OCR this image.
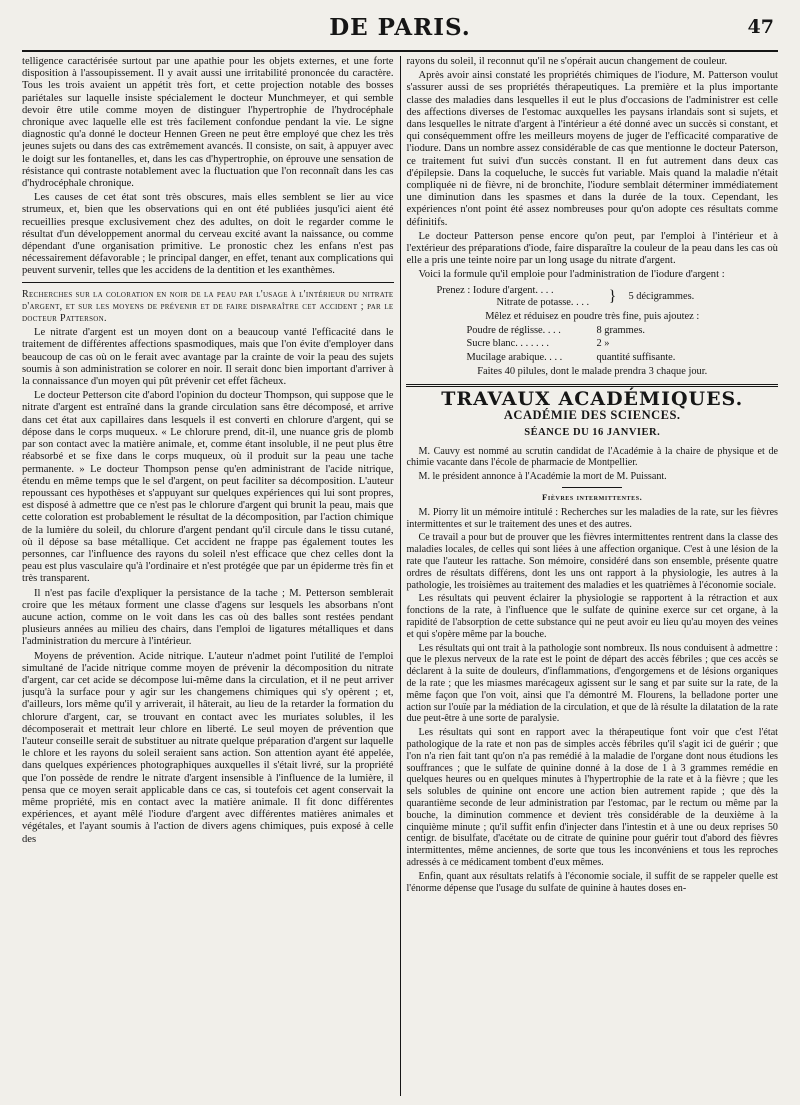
DE PARIS.	47

telligence caractérisée surtout par une apathie pour les objets externes, et une forte disposition à l'assoupissement. Il y avait aussi une irritabilité prononcée du caractère. Tous les trois avaient un appétit très fort, et cette projection notable des bosses pariétales sur laquelle insiste spécialement le docteur Munchmeyer, et qui semble devoir être utile comme moyen de distinguer l'hypertrophie de l'hydrocéphale chronique avec laquelle elle est très facilement confondue pendant la vie. Le signe diagnostic qu'a donné le docteur Hennen Green ne peut être employé que chez les très jeunes sujets ou dans des cas extrêmement avancés. Il consiste, on sait, à appuyer avec le doigt sur les fontanelles, et, dans les cas d'hypertrophie, on éprouve une sensation de résistance qui contraste notablement avec la fluctuation que l'on reconnaît dans les cas d'hydrocéphale chronique.

Les causes de cet état sont très obscures, mais elles semblent se lier au vice strumeux, et, bien que les observations qui en ont été publiées jusqu'ici aient été recueillies presque exclusivement chez des adultes, on doit le regarder comme le résultat d'un développement anormal du cerveau excité avant la naissance, ou comme dépendant d'une organisation primitive. Le pronostic chez les enfans n'est pas nécessairement défavorable ; le principal danger, en effet, tenant aux complications qui peuvent survenir, telles que les accidens de la dentition et les exanthèmes.

Recherches sur la coloration en noir de la peau par l'usage à l'intérieur du nitrate d'argent, et sur les moyens de prévenir et de faire disparaître cet accident ; par le docteur Patterson.

Le nitrate d'argent est un moyen dont on a beaucoup vanté l'efficacité dans le traitement de différentes affections spasmodiques, mais que l'on évite d'employer dans beaucoup de cas où on le ferait avec avantage par la crainte de voir la peau des sujets soumis à son administration se colorer en noir. Il serait donc bien important d'arriver à la connaissance d'un moyen qui pût prévenir cet effet fâcheux.

Le docteur Petterson cite d'abord l'opinion du docteur Thompson, qui suppose que le nitrate d'argent est entraîné dans la grande circulation sans être décomposé, et arrive dans cet état aux capillaires dans lesquels il est converti en chlorure d'argent, qui se dépose dans le corps muqueux. « Le chlorure prend, dit-il, une nuance gris de plomb par son contact avec la matière animale, et, comme étant insoluble, il ne peut plus être réabsorbé et se fixe dans le corps muqueux, où il produit sur la peau une tache permanente. » Le docteur Thompson pense qu'en administrant de l'acide nitrique, étendu en même temps que le sel d'argent, on peut faciliter sa décomposition. L'auteur repoussant ces hypothèses et s'appuyant sur quelques expériences qui lui sont propres, est disposé à admettre que ce n'est pas le chlorure d'argent qui brunit la peau, mais que cette coloration est probablement le résultat de la décomposition, par l'action chimique de la lumière du soleil, du chlorure d'argent pendant qu'il circule dans le tissu cutané, où il dépose sa base métallique. Cet accident ne frappe pas également toutes les personnes, car l'influence des rayons du soleil n'est efficace que chez celles dont la peau est plus vasculaire qu'à l'ordinaire et n'est protégée que par un épiderme très fin et très transparent.

Il n'est pas facile d'expliquer la persistance de la tache ; M. Petterson semblerait croire que les métaux forment une classe d'agens sur lesquels les absorbans n'ont aucune action, comme on le voit dans les cas où des balles sont restées pendant plusieurs années au milieu des chairs, dans l'emploi de ligatures métalliques et dans l'administration du mercure à l'intérieur.

Moyens de prévention. Acide nitrique. L'auteur n'admet point l'utilité de l'emploi simultané de l'acide nitrique comme moyen de prévenir la décomposition du nitrate d'argent, car cet acide se décompose lui-même dans la circulation, et il ne peut arriver jusqu'à la surface pour y agir sur les changemens chimiques qui s'y opèrent ; et, d'ailleurs, lors même qu'il y arriverait, il hâterait, au lieu de la retarder la formation du chlorure d'argent, car, se trouvant en contact avec les muriates solubles, il les décomposerait et mettrait leur chlore en liberté. Le seul moyen de prévention que l'auteur conseille serait de substituer au nitrate quelque préparation d'argent sur laquelle le chlore et les rayons du soleil seraient sans action. Son attention ayant été appelée, dans quelques expériences photographiques auxquelles il s'était livré, sur la propriété que l'on possède de rendre le nitrate d'argent insensible à l'influence de la lumière, il pensa que ce moyen serait applicable dans ce cas, si toutefois cet agent conservait la même propriété, mis en contact avec la matière animale. Il fit donc différentes expériences, et ayant mêlé l'iodure d'argent avec différentes matières animales et végétales, et l'ayant soumis à l'action de divers agens chimiques, puis exposé à celle des

rayons du soleil, il reconnut qu'il ne s'opérait aucun changement de couleur.

Après avoir ainsi constaté les propriétés chimiques de l'iodure, M. Patterson voulut s'assurer aussi de ses propriétés thérapeutiques. La première et la plus importante classe des maladies dans lesquelles il eut le plus d'occasions de l'administrer est celle des affections diverses de l'estomac auxquelles les paysans irlandais sont si sujets, et dans lesquelles le nitrate d'argent à l'intérieur a été donné avec un succès si constant, et qui conséquemment offre les meilleurs moyens de juger de l'efficacité comparative de l'iodure. Dans un nombre assez considérable de cas que mentionne le docteur Paterson, ce traitement fut suivi d'un succès constant. Il en fut autrement dans deux cas d'épilepsie. Dans la coqueluche, le succès fut variable. Mais quand la maladie n'était compliquée ni de fièvre, ni de bronchite, l'iodure semblait déterminer immédiatement une diminution dans les spasmes et dans la durée de la toux. Cependant, les expériences n'ont point été assez nombreuses pour qu'on adopte ces résultats comme définitifs.

Le docteur Patterson pense encore qu'on peut, par l'emploi à l'intérieur et à l'extérieur des préparations d'iode, faire disparaître la couleur de la peau dans les cas où elle a pris une teinte noire par un long usage du nitrate d'argent.

Voici la formule qu'il emploie pour l'administration de l'iodure d'argent :

Prenez : Iodure d'argent. . . .
Nitrate de potasse. . . .	}	5 décigrammes.
Mêlez et réduisez en poudre très fine, puis ajoutez :
Poudre de réglisse. . . .	8 grammes.
Sucre blanc. . . . . . .	2 »
Mucilage arabique. . . .	quantité suffisante.
Faites 40 pilules, dont le malade prendra 3 chaque jour.
TRAVAUX ACADÉMIQUES.
ACADÉMIE DES SCIENCES.
SÉANCE DU 16 JANVIER.

M. Cauvy est nommé au scrutin candidat de l'Académie à la chaire de physique et de chimie vacante dans l'école de pharmacie de Montpellier.

M. le président annonce à l'Académie la mort de M. Puissant.

Fièvres intermittentes.

M. Piorry lit un mémoire intitulé : Recherches sur les maladies de la rate, sur les fièvres intermittentes et sur le traitement des unes et des autres.

Ce travail a pour but de prouver que les fièvres intermittentes rentrent dans la classe des maladies locales, de celles qui sont liées à une affection organique. C'est à une lésion de la rate que l'auteur les rattache. Son mémoire, considéré dans son ensemble, présente quatre ordres de résultats différens, dont les uns ont rapport à la physiologie, les autres à la pathologie, les troisièmes au traitement des maladies et les quatrièmes à l'économie sociale.

Les résultats qui peuvent éclairer la physiologie se rapportent à la rétraction et aux fonctions de la rate, à l'influence que le sulfate de quinine exerce sur cet organe, à la rapidité de l'absorption de cette substance qui ne peut avoir eu lieu qu'au moyen des veines et qui s'opère même par la bouche.

Les résultats qui ont trait à la pathologie sont nombreux. Ils nous conduisent à admettre : que le plexus nerveux de la rate est le point de départ des accès fébriles ; que ces accès se déclarent à la suite de douleurs, d'inflammations, d'engorgemens et de lésions organiques de la rate ; que les miasmes marécageux agissent sur le sang et par suite sur la rate, de la même façon que l'on voit, ainsi que l'a démontré M. Flourens, la belladone porter une action sur l'ouïe par la médiation de la circulation, et que de là résulte la dilatation de la rate due peut-être à une sorte de paralysie.

Les résultats qui sont en rapport avec la thérapeutique font voir que c'est l'état pathologique de la rate et non pas de simples accès fébriles qu'il s'agit ici de guérir ; que l'on n'a rien fait tant qu'on n'a pas remédié à la maladie de l'organe dont nous étudions les souffrances ; que le sulfate de quinine donné à la dose de 1 à 3 grammes remédie en quelques heures ou en quelques minutes à l'hypertrophie de la rate et à la fièvre ; que les sels solubles de quinine ont encore une action bien autrement rapide ; que dès la quarantième seconde de leur administration par l'estomac, par le rectum ou même par la bouche, la diminution commence et devient très considérable de la deuxième à la cinquième minute ; qu'il suffit enfin d'injecter dans l'intestin et à une ou deux reprises 50 centigr. de bisulfate, d'acétate ou de citrate de quinine pour guérir tout d'abord des fièvres intermittentes, même anciennes, de sorte que tous les inconvéniens et tous les reproches adressés à ce médicament tombent d'eux mêmes.

Enfin, quant aux résultats relatifs à l'économie sociale, il suffit de se rappeler quelle est l'énorme dépense que l'usage du sulfate de quinine à hautes doses en-
